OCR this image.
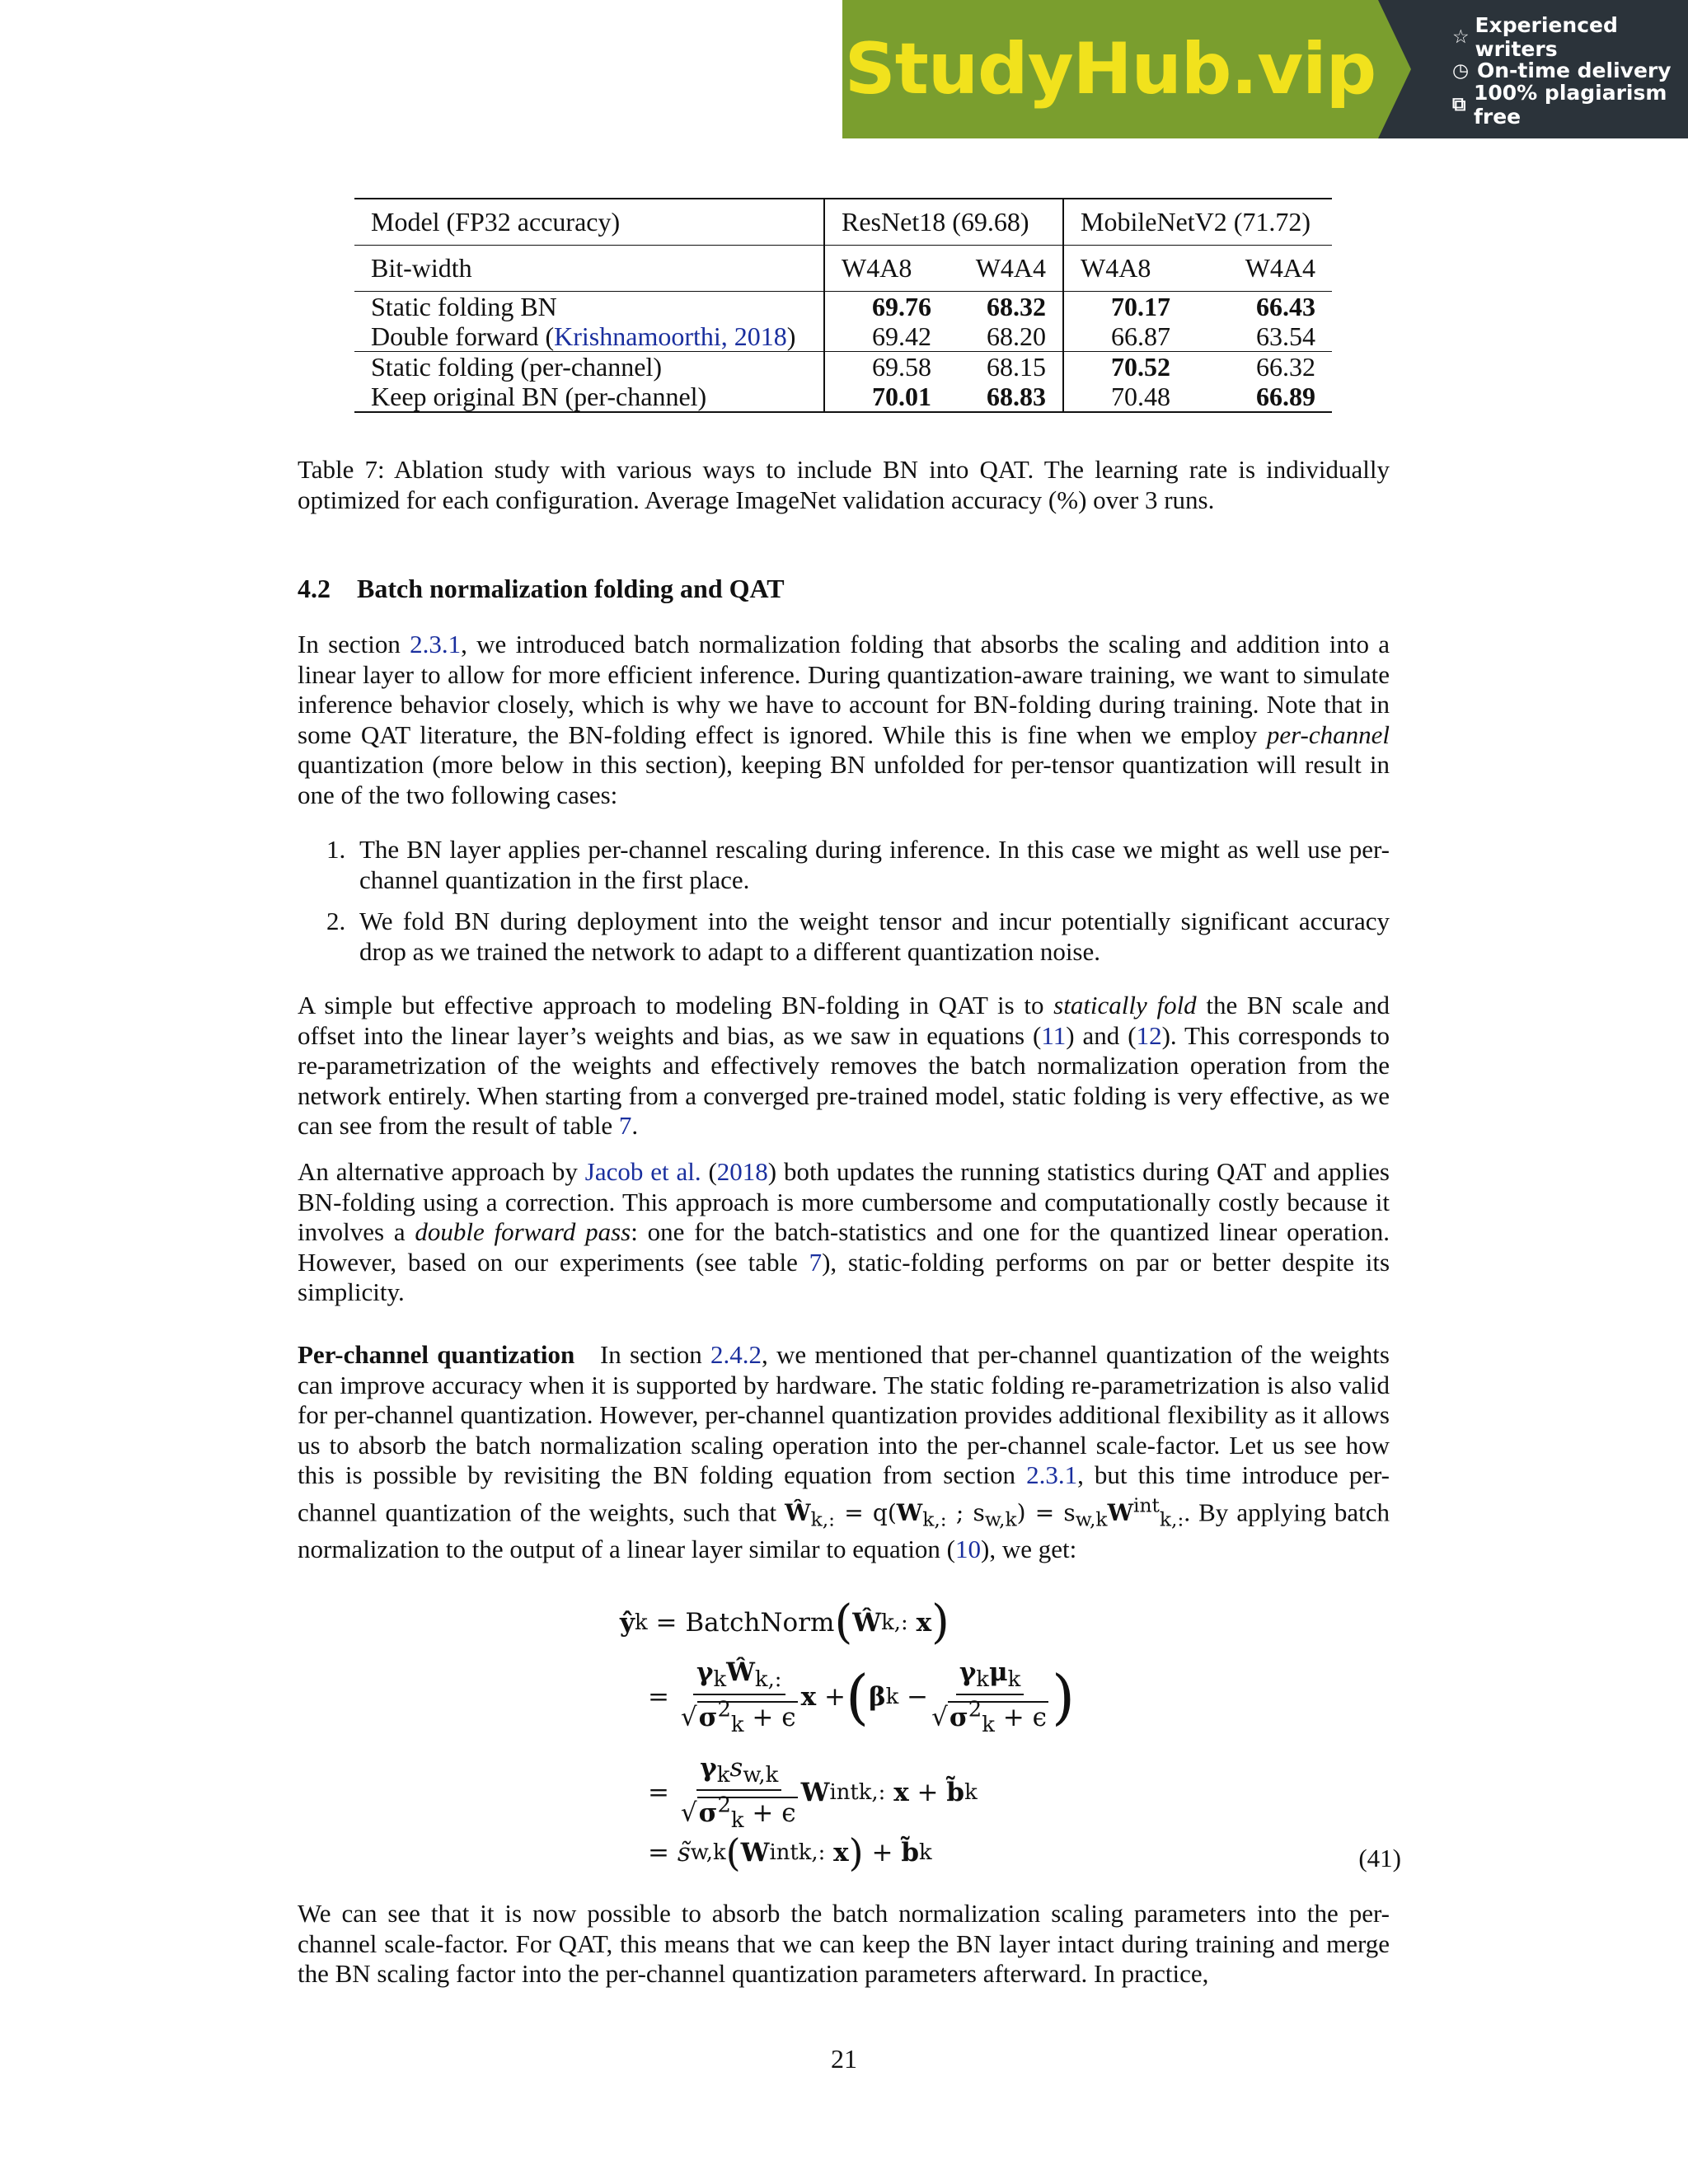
StudyHub.vip	☆ Experienced writers
◷ On-time delivery
⧉ 100% plagiarism free
Model (FP32 accuracy)	ResNet18 (69.68)		MobileNetV2 (71.72)	
Bit-width	W4A8	W4A4	W4A8	W4A4
Static folding BN	69.76	68.32	70.17	66.43
Double forward (Krishnamoorthi, 2018)	69.42	68.20	66.87	63.54
Static folding (per-channel)	69.58	68.15	70.52	66.32
Keep original BN (per-channel)	70.01	68.83	70.48	66.89

Table 7: Ablation study with various ways to include BN into QAT. The learning rate is individually optimized for each configuration. Average ImageNet validation accuracy (%) over 3 runs.

4.2 Batch normalization folding and QAT

In section 2.3.1, we introduced batch normalization folding that absorbs the scaling and addition into a linear layer to allow for more efficient inference. During quantization-aware training, we want to simulate inference behavior closely, which is why we have to account for BN-folding during training. Note that in some QAT literature, the BN-folding effect is ignored. While this is fine when we employ per-channel quantization (more below in this section), keeping BN unfolded for per-tensor quantization will result in one of the two following cases:

1. The BN layer applies per-channel rescaling during inference. In this case we might as well use per-channel quantization in the first place.

2. We fold BN during deployment into the weight tensor and incur potentially significant accuracy drop as we trained the network to adapt to a different quantization noise.

A simple but effective approach to modeling BN-folding in QAT is to statically fold the BN scale and offset into the linear layer’s weights and bias, as we saw in equations (11) and (12). This corresponds to re-parametrization of the weights and effectively removes the batch normalization operation from the network entirely. When starting from a converged pre-trained model, static folding is very effective, as we can see from the result of table 7.

An alternative approach by Jacob et al. (2018) both updates the running statistics during QAT and applies BN-folding using a correction. This approach is more cumbersome and computationally costly because it involves a double forward pass: one for the batch-statistics and one for the quantized linear operation. However, based on our experiments (see table 7), static-folding performs on par or better despite its simplicity.

Per-channel quantization   In section 2.4.2, we mentioned that per-channel quantization of the weights can improve accuracy when it is supported by hardware. The static folding re-parametrization is also valid for per-channel quantization. However, per-channel quantization provides additional flexibility as it allows us to absorb the batch normalization scaling operation into the per-channel scale-factor. Let us see how this is possible by revisiting the BN folding equation from section 2.3.1, but this time introduce per-channel quantization of the weights, such that $Ŵ_{k,:} = q(W_{k,:}$ ; $s_{w,k}) = s_{w,k}W^{int}_{k,:}$. By applying batch normalization to the output of a linear layer similar to equation (10), we get:

ŷ k
=
BatchNorm ( Ŵ k,:
x )
=
$\frac{\gamma_kŴ_{k,:}}{√\sigma^2_k + \epsilon}$ x
+ ( β k
− $\frac{\gamma_k\mu_k}{√\sigma^2_k + \epsilon}$ )
=
$\frac{\gamma_ks_{w,k}}{√\sigma^2_k + \epsilon}$ W int k,:
x
+
b̃ k
=
s̃ w,k ( W int k,:
x )
+
b̃ k	(41)

We can see that it is now possible to absorb the batch normalization scaling parameters into the per-channel scale-factor. For QAT, this means that we can keep the BN layer intact during training and merge the BN scaling factor into the per-channel quantization parameters afterward. In practice,

21
